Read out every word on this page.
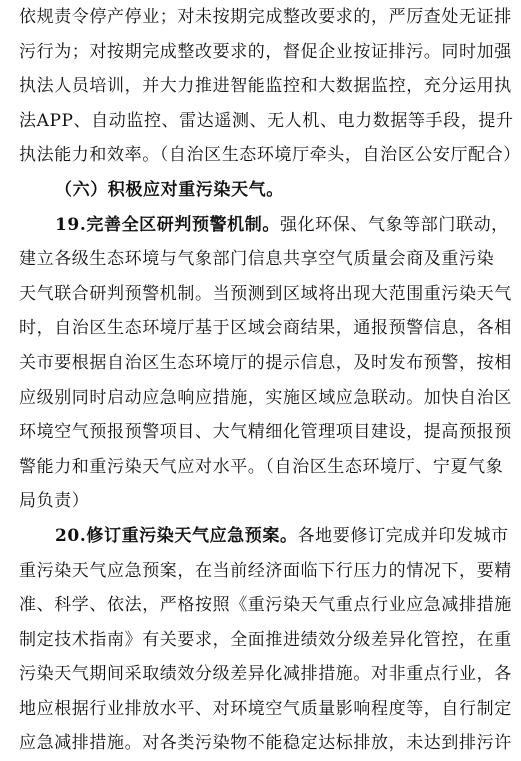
依规责令停产停业；对未按期完成整改要求的，严厉查处无证排
污行为；对按期完成整改要求的，督促企业按证排污。同时加强
执法人员培训，并大力推进智能监控和大数据监控，充分运用执
法APP、自动监控、雷达遥测、无人机、电力数据等手段，提升
执法能力和效率。（自治区生态环境厅牵头，自治区公安厅配合）
（六）积极应对重污染天气。
19.完善全区研判预警机制。强化环保、气象等部门联动，
建立各级生态环境与气象部门信息共享空气质量会商及重污染
天气联合研判预警机制。当预测到区域将出现大范围重污染天气
时，自治区生态环境厅基于区域会商结果，通报预警信息，各相
关市要根据自治区生态环境厅的提示信息，及时发布预警，按相
应级别同时启动应急响应措施，实施区域应急联动。加快自治区
环境空气预报预警项目、大气精细化管理项目建设，提高预报预
警能力和重污染天气应对水平。（自治区生态环境厅、宁夏气象
局负责）
20.修订重污染天气应急预案。各地要修订完成并印发城市
重污染天气应急预案，在当前经济面临下行压力的情况下，要精
准、科学、依法，严格按照《重污染天气重点行业应急减排措施
制定技术指南》有关要求，全面推进绩效分级差异化管控，在重
污染天气期间采取绩效分级差异化减排措施。对非重点行业，各
地应根据行业排放水平、对环境空气质量影响程度等，自行制定
应急减排措施。对各类污染物不能稳定达标排放，未达到排污许
